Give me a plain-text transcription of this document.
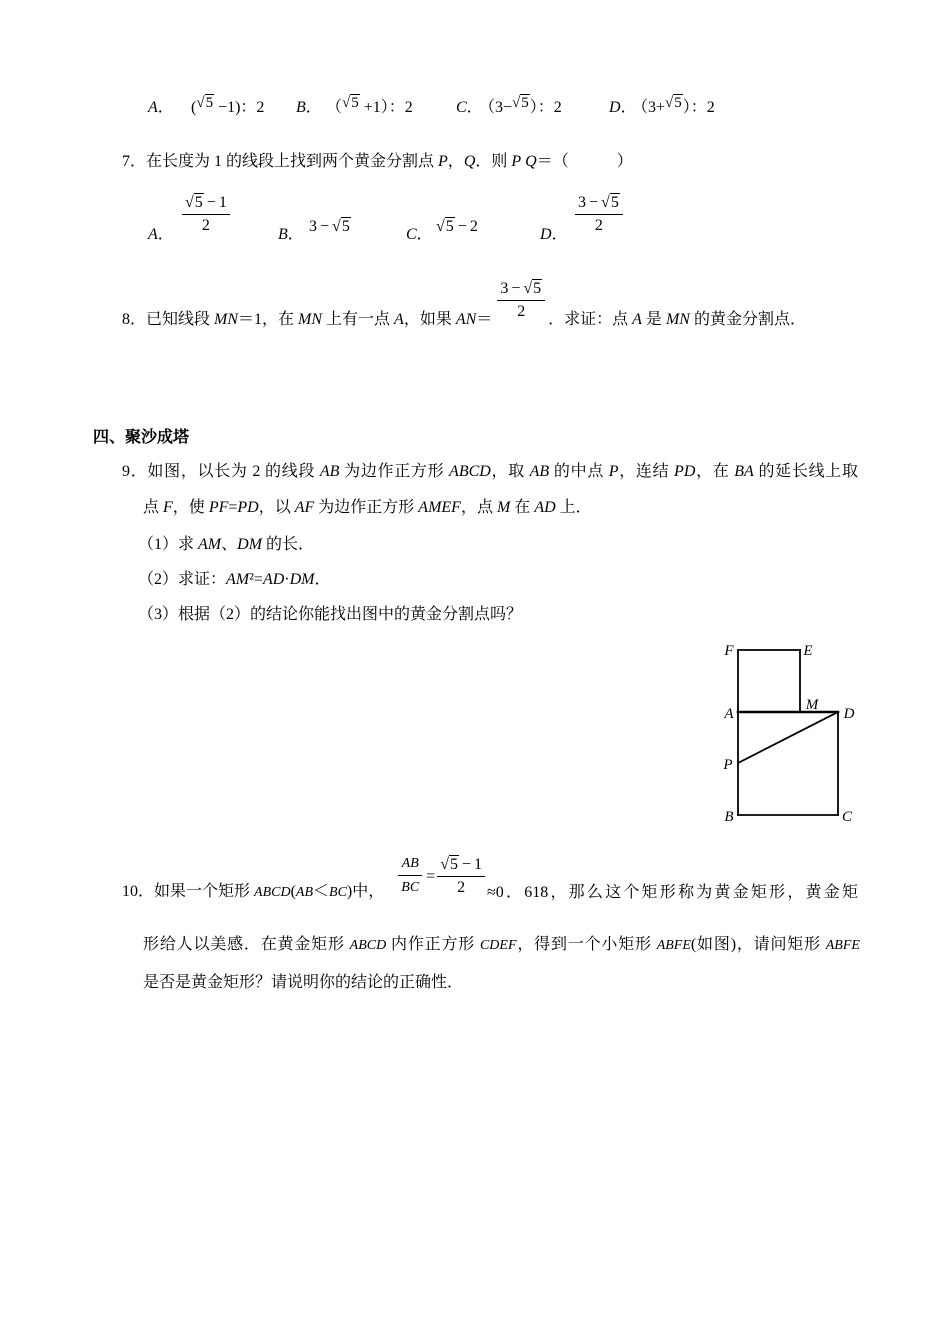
A． (√5 −1)：2 B． （√5 +1）：2	C．
（3−√5）：2	D．
（3+√5）：2
7．在长度为 1 的线段上找到两个黄金分割点 P，Q．则 P Q＝（            ）
A． $\frac{√5 - 1}{2}$	B． 3 − √5	C． √5 − 2	D． $\frac{3 - √5}{2}$
8．已知线段 MN＝1，在 MN 上有一点 A，如果 $AN= \frac{3 - √5}{2}$ ．求证：点 A 是 MN 的黄金分割点．
四、聚沙成塔
9．如图，以长为 2 的线段 AB 为边作正方形 ABCD，取 AB 的中点 P，连结 PD，在 BA 的延长线上取
点 F，使 PF=PD，以 AF 为边作正方形 AMEF，点 M 在 AD 上．
（1）求 AM、DM 的长．
（2）求证：AM²=AD·DM．
（3）根据（2）的结论你能找出图中的黄金分割点吗？
F	E
A
M
D
P
B	C
10．如果一个矩形 ABCD(AB＜BC)中， $\frac{AB}{BC} = \frac{√5 - 1}{2} \approx 0$．618，那么这个矩形称为黄金矩形，黄金矩
形给人以美感．在黄金矩形 ABCD 内作正方形 CDEF，得到一个小矩形 ABFE(如图)，请问矩形 ABFE
是否是黄金矩形？请说明你的结论的正确性．
